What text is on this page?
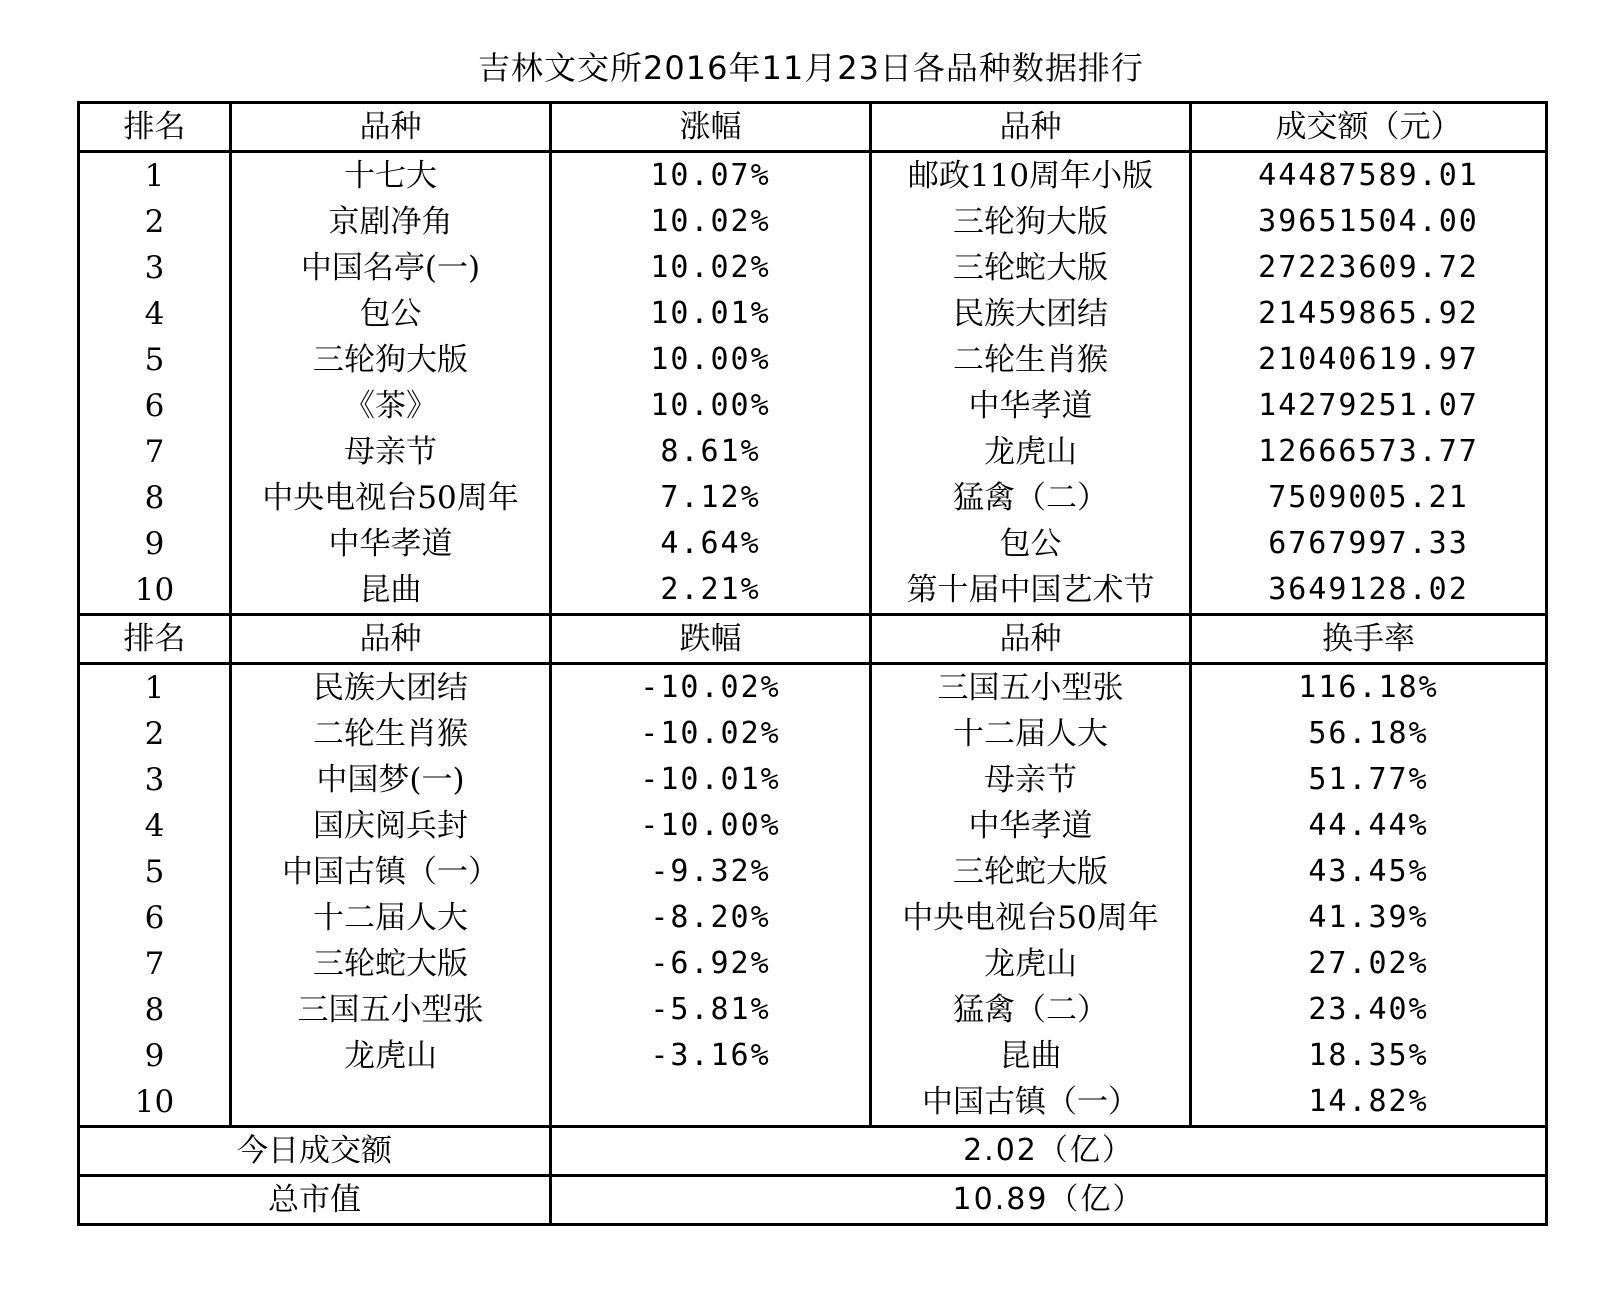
吉林文交所2016年11月23日各品种数据排行
排名	品种	涨幅	品种	成交额（元）
1	十七大	10.07%	邮政110周年小版	44487589.01
2	京剧净角	10.02%	三轮狗大版	39651504.00
3	中国名亭(一)	10.02%	三轮蛇大版	27223609.72
4	包公	10.01%	民族大团结	21459865.92
5	三轮狗大版	10.00%	二轮生肖猴	21040619.97
6	《茶》	10.00%	中华孝道	14279251.07
7	母亲节	8.61%	龙虎山	12666573.77
8	中央电视台50周年	7.12%	猛禽（二）	7509005.21
9	中华孝道	4.64%	包公	6767997.33
10	昆曲	2.21%	第十届中国艺术节	3649128.02
排名	品种	跌幅	品种	换手率
1	民族大团结	-10.02%	三国五小型张	116.18%
2	二轮生肖猴	-10.02%	十二届人大	56.18%
3	中国梦(一)	-10.01%	母亲节	51.77%
4	国庆阅兵封	-10.00%	中华孝道	44.44%
5	中国古镇（一）	-9.32%	三轮蛇大版	43.45%
6	十二届人大	-8.20%	中央电视台50周年	41.39%
7	三轮蛇大版	-6.92%	龙虎山	27.02%
8	三国五小型张	-5.81%	猛禽（二）	23.40%
9	龙虎山	-3.16%	昆曲	18.35%
10			中国古镇（一）	14.82%
今日成交额		2.02（亿）		
总市值		10.89（亿）		
